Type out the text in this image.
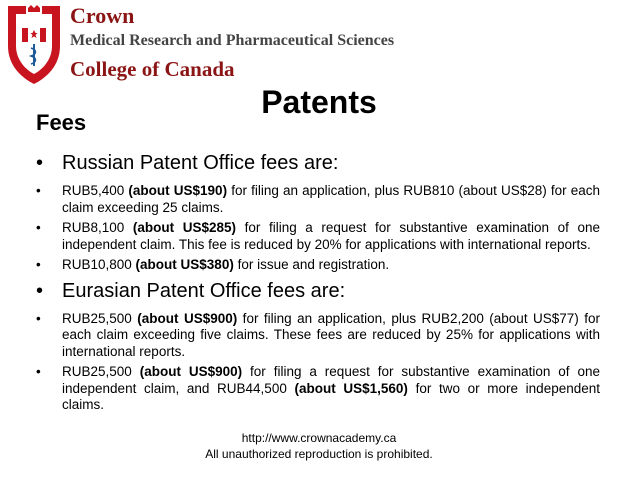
Crown
Medical Research and Pharmaceutical Sciences
College of Canada
Patents
Fees
• Russian Patent Office fees are:
•	RUB5,400 (about US$190) for filing an application, plus RUB810 (about US$28) for each claim exceeding 25 claims.
•	RUB8,100 (about US$285) for filing a request for substantive examination of one independent claim. This fee is reduced by 20% for applications with international reports.
•	RUB10,800 (about US$380) for issue and registration.
• Eurasian Patent Office fees are:
•	RUB25,500 (about US$900) for filing an application, plus RUB2,200 (about US$77) for each claim exceeding five claims. These fees are reduced by 25% for applications with international reports.
•	RUB25,500 (about US$900) for filing a request for substantive examination of one independent claim, and RUB44,500 (about US$1,560) for two or more independent claims.
http://www.crownacademy.ca
All unauthorized reproduction is prohibited.
